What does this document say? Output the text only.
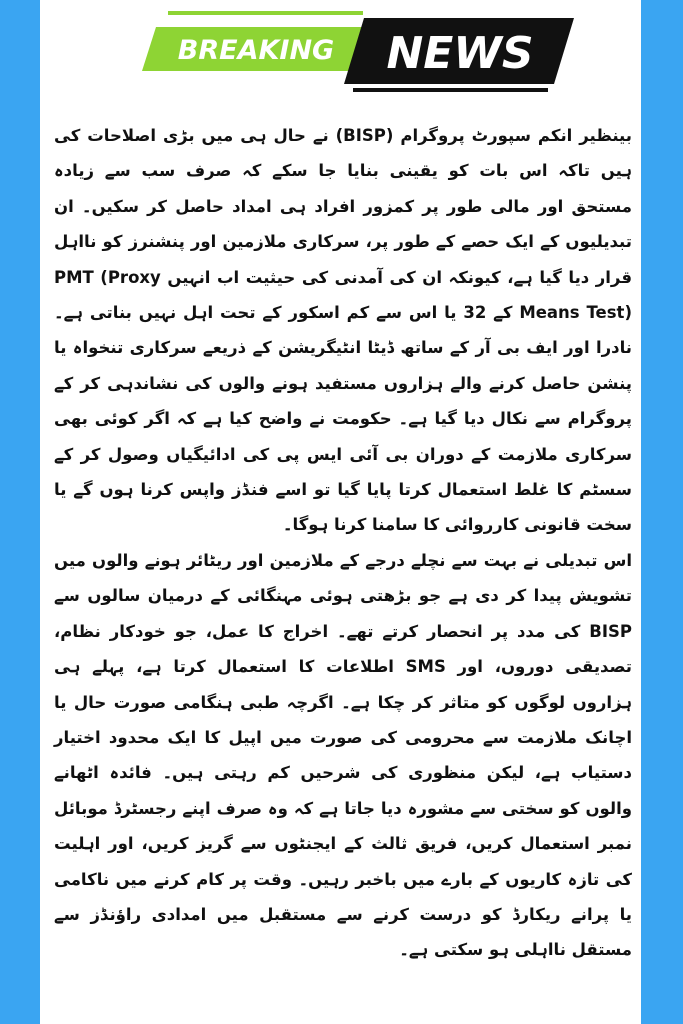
BREAKING NEWS

بینظیر انکم سپورٹ پروگرام (BISP) نے حال ہی میں بڑی اصلاحات کی ہیں تاکہ اس بات کو یقینی بنایا جا سکے کہ صرف سب سے زیادہ مستحق اور مالی طور پر کمزور افراد ہی امداد حاصل کر سکیں۔ ان تبدیلیوں کے ایک حصے کے طور پر، سرکاری ملازمین اور پنشنرز کو نااہل قرار دیا گیا ہے، کیونکہ ان کی آمدنی کی حیثیت اب انہیں PMT (Proxy Means Test) کے 32 یا اس سے کم اسکور کے تحت اہل نہیں بناتی ہے۔ نادرا اور ایف بی آر کے ساتھ ڈیٹا انٹیگریشن کے ذریعے سرکاری تنخواہ یا پنشن حاصل کرنے والے ہزاروں مستفید ہونے والوں کی نشاندہی کر کے پروگرام سے نکال دیا گیا ہے۔ حکومت نے واضح کیا ہے کہ اگر کوئی بھی سرکاری ملازمت کے دوران بی آئی ایس پی کی ادائیگیاں وصول کر کے سسٹم کا غلط استعمال کرتا پایا گیا تو اسے فنڈز واپس کرنا ہوں گے یا سخت قانونی کارروائی کا سامنا کرنا ہوگا۔

اس تبدیلی نے بہت سے نچلے درجے کے ملازمین اور ریٹائر ہونے والوں میں تشویش پیدا کر دی ہے جو بڑھتی ہوئی مہنگائی کے درمیان سالوں سے BISP کی مدد پر انحصار کرتے تھے۔ اخراج کا عمل، جو خودکار نظام، تصدیقی دوروں، اور SMS اطلاعات کا استعمال کرتا ہے، پہلے ہی ہزاروں لوگوں کو متاثر کر چکا ہے۔ اگرچہ طبی ہنگامی صورت حال یا اچانک ملازمت سے محرومی کی صورت میں اپیل کا ایک محدود اختیار دستیاب ہے، لیکن منظوری کی شرحیں کم رہتی ہیں۔ فائدہ اٹھانے والوں کو سختی سے مشورہ دیا جاتا ہے کہ وہ صرف اپنے رجسٹرڈ موبائل نمبر استعمال کریں، فریق ثالث کے ایجنٹوں سے گریز کریں، اور اہلیت کی تازہ کاریوں کے بارے میں باخبر رہیں۔ وقت پر کام کرنے میں ناکامی یا پرانے ریکارڈ کو درست کرنے سے مستقبل میں امدادی راؤنڈز سے مستقل نااہلی ہو سکتی ہے۔
